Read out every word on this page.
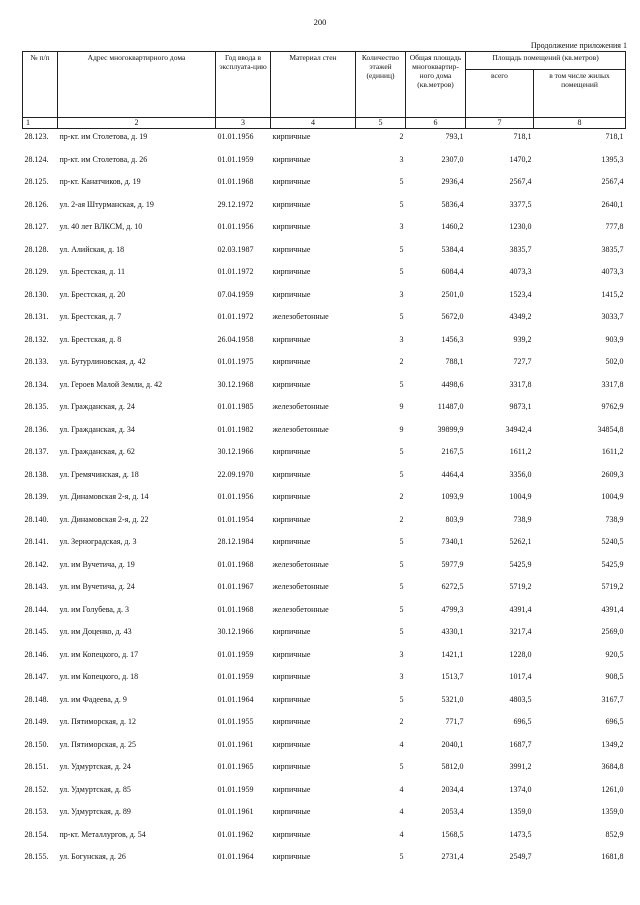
200
Продолжение приложения 1
№ п/п	Адрес многоквартирного дома	Год ввода в эксплуата-цию	Материал стен	Количество этажей (единиц)	Общая площадь многоквартир-ного дома (кв.метров)	Площадь помещений (кв.метров)	
						всего	в том числе жилых помещений
1	2	3	4	5	6	7	8

28.123.	пр-кт. им Столетова, д. 19	01.01.1956	кирпичные	2	793,1	718,1	718,1
28.124.	пр-кт. им Столетова, д. 26	01.01.1959	кирпичные	3	2307,0	1470,2	1395,3
28.125.	пр-кт. Канатчиков, д. 19	01.01.1968	кирпичные	5	2936,4	2567,4	2567,4
28.126.	ул. 2-ая Штурманская, д. 19	29.12.1972	кирпичные	5	5836,4	3377,5	2640,1
28.127.	ул. 40 лет ВЛКСМ, д. 10	01.01.1956	кирпичные	3	1460,2	1230,0	777,8
28.128.	ул. Алийская, д. 18	02.03.1987	кирпичные	5	5384,4	3835,7	3835,7
28.129.	ул. Брестская, д. 11	01.01.1972	кирпичные	5	6084,4	4073,3	4073,3
28.130.	ул. Брестская, д. 20	07.04.1959	кирпичные	3	2501,0	1523,4	1415,2
28.131.	ул. Брестская, д. 7	01.01.1972	железобетонные	5	5672,0	4349,2	3033,7
28.132.	ул. Брестская, д. 8	26.04.1958	кирпичные	3	1456,3	939,2	903,9
28.133.	ул. Бутурлиновская, д. 42	01.01.1975	кирпичные	2	788,1	727,7	502,0
28.134.	ул. Героев Малой Земли, д. 42	30.12.1968	кирпичные	5	4498,6	3317,8	3317,8
28.135.	ул. Гражданская, д. 24	01.01.1985	железобетонные	9	11487,0	9873,1	9762,9
28.136.	ул. Гражданская, д. 34	01.01.1982	железобетонные	9	39899,9	34942,4	34854,8
28.137.	ул. Гражданская, д. 62	30.12.1966	кирпичные	5	2167,5	1611,2	1611,2
28.138.	ул. Гремячинская, д. 18	22.09.1970	кирпичные	5	4464,4	3356,0	2609,3
28.139.	ул. Динамовская 2-я, д. 14	01.01.1956	кирпичные	2	1093,9	1004,9	1004,9
28.140.	ул. Динамовская 2-я, д. 22	01.01.1954	кирпичные	2	803,9	738,9	738,9
28.141.	ул. Зерноградская, д. 3	28.12.1984	кирпичные	5	7340,1	5262,1	5240,5
28.142.	ул. им Вучетича, д. 19	01.01.1968	железобетонные	5	5977,9	5425,9	5425,9
28.143.	ул. им Вучетича, д. 24	01.01.1967	железобетонные	5	6272,5	5719,2	5719,2
28.144.	ул. им Голубева, д. 3	01.01.1968	железобетонные	5	4799,3	4391,4	4391,4
28.145.	ул. им Доценко, д. 43	30.12.1966	кирпичные	5	4330,1	3217,4	2569,0
28.146.	ул. им Копецкого, д. 17	01.01.1959	кирпичные	3	1421,1	1228,0	920,5
28.147.	ул. им Копецкого, д. 18	01.01.1959	кирпичные	3	1513,7	1017,4	908,5
28.148.	ул. им Фадеева, д. 9	01.01.1964	кирпичные	5	5321,0	4803,5	3167,7
28.149.	ул. Пятиморская, д. 12	01.01.1955	кирпичные	2	771,7	696,5	696,5
28.150.	ул. Пятиморская, д. 25	01.01.1961	кирпичные	4	2040,1	1687,7	1349,2
28.151.	ул. Удмуртская, д. 24	01.01.1965	кирпичные	5	5812,0	3991,2	3684,8
28.152.	ул. Удмуртская, д. 85	01.01.1959	кирпичные	4	2034,4	1374,0	1261,0
28.153.	ул. Удмуртская, д. 89	01.01.1961	кирпичные	4	2053,4	1359,0	1359,0
28.154.	пр-кт. Металлургов, д. 54	01.01.1962	кирпичные	4	1568,5	1473,5	852,9
28.155.	ул. Богунская, д. 26	01.01.1964	кирпичные	5	2731,4	2549,7	1681,8
